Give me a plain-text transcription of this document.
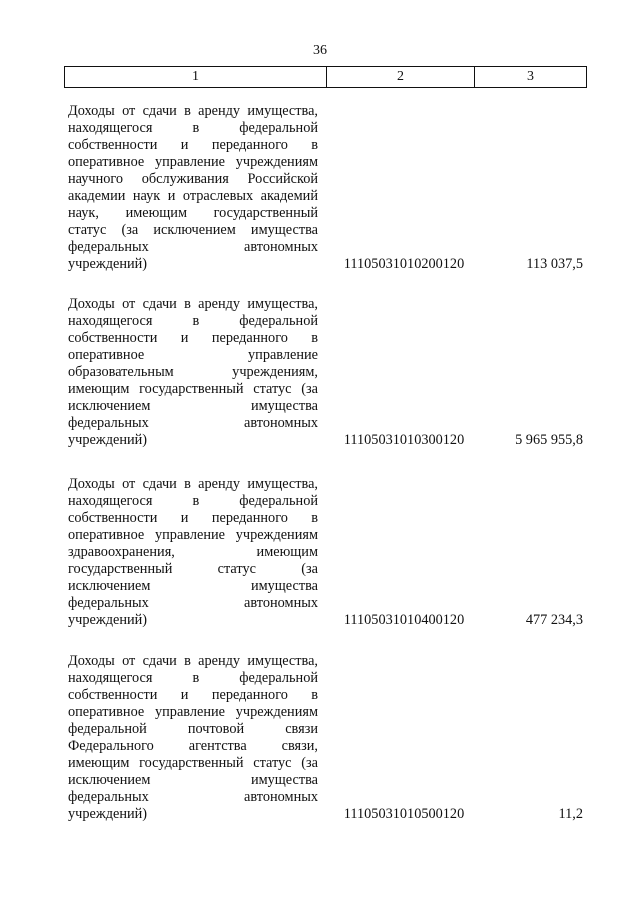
36
1	2	3
Доходы от сдачи в аренду имущества,
находящегося в федеральной
собственности и переданного в
оперативное управление учреждениям
научного обслуживания Российской
академии наук и отраслевых академий
наук, имеющим государственный
статус (за исключением имущества
федеральных автономных
учреждений)	11105031010200120	113 037,5
Доходы от сдачи в аренду имущества,
находящегося в федеральной
собственности и переданного в
оперативное управление
образовательным учреждениям,
имеющим государственный статус (за
исключением имущества
федеральных автономных
учреждений)	11105031010300120	5 965 955,8
Доходы от сдачи в аренду имущества,
находящегося в федеральной
собственности и переданного в
оперативное управление учреждениям
здравоохранения, имеющим
государственный статус (за
исключением имущества
федеральных автономных
учреждений)	11105031010400120	477 234,3
Доходы от сдачи в аренду имущества,
находящегося в федеральной
собственности и переданного в
оперативное управление учреждениям
федеральной почтовой связи
Федерального агентства связи,
имеющим государственный статус (за
исключением имущества
федеральных автономных
учреждений)	11105031010500120	11,2
